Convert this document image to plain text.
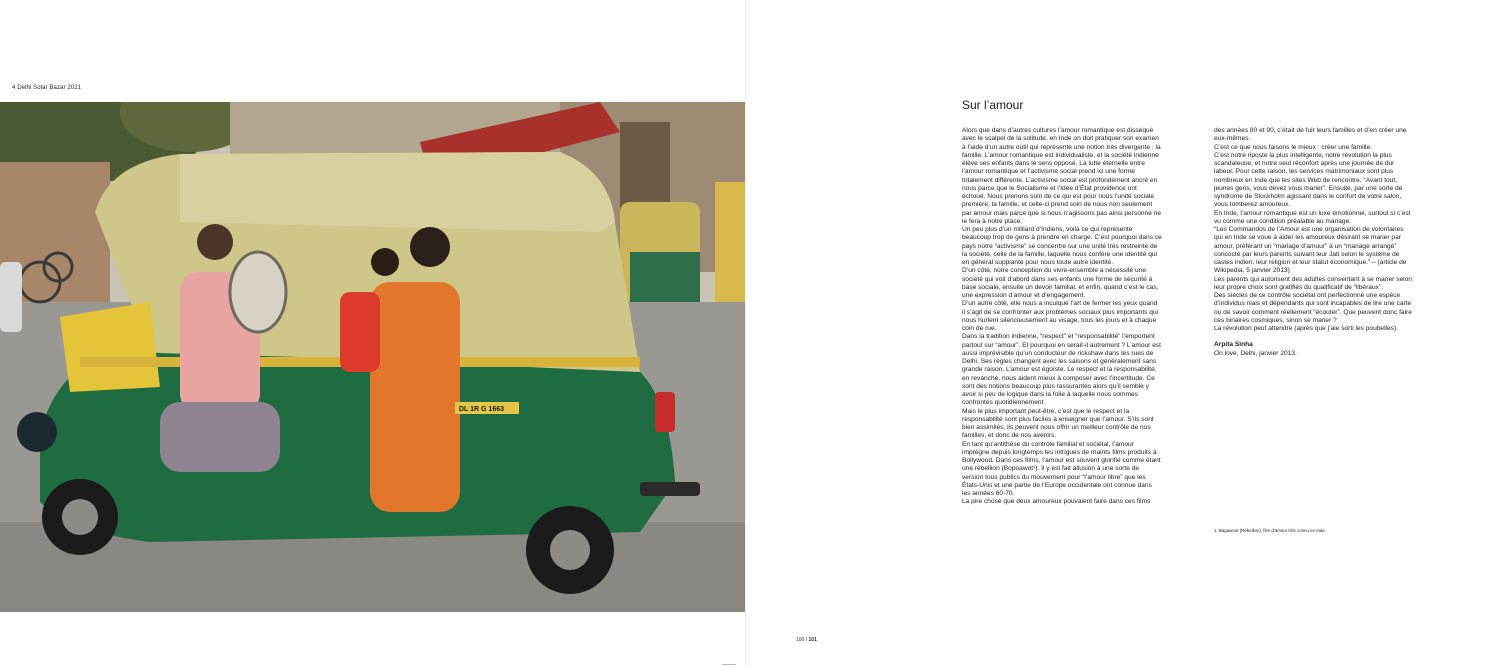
4 Delhi Solar Bazar 2021
DL 1R G 1663
Sur l’amour

Alors que dans d’autres cultures l’amour romantique est disséqué avec le scalpel de la solitude, en Inde on doit pratiquer son examen à l’aide d’un autre outil qui représente une notion très divergente : la famille. L’amour romantique est individualiste, et la société indienne élève ses enfants dans le sens opposé. La lutte éternelle entre l’amour romantique et l’activisme social prend ici une forme totalement différente. L’activisme social est profondément ancré en nous parce que le Socialisme et l’Idée d’État providence ont échoué. Nous prenons soin de ce qui est pour nous l’unité sociale première, la famille, et celle-ci prend soin de nous non seulement par amour mais parce que si nous n’agissons pas ainsi personne ne le fera à notre place.

Un peu plus d’un milliard d’Indiens, voilà ce qui représente beaucoup trop de gens à prendre en charge. C’est pourquoi dans ce pays notre “activisme” se concentre sur une unité très restreinte de la société, celle de la famille, laquelle nous confère une identité qui en général supplante pour nous toute autre identité.

D’un côté, notre conception du vivre-ensemble a nécessité une société qui voit d’abord dans ses enfants une forme de sécurité à base sociale, ensuite un devoir familial, et enfin, quand c’est le cas, une expression d’amour et d’engagement.

D’un autre côté, elle nous a inculqué l’art de fermer les yeux quand il s’agit de se confronter aux problèmes sociaux plus importants qui nous hurlent silencieusement au visage, tous les jours et à chaque coin de rue.

Dans la tradition indienne, “respect” et “responsabilité” l’emportent partout sur “amour”. Et pourquoi en serait-il autrement ? L’amour est aussi imprévisible qu’un conducteur de rickshaw dans les rues de Delhi. Ses règles changent avec les saisons et généralement sans grande raison. L’amour est égoïste. Le respect et la responsabilité, en revanche, nous aident mieux à composer avec l’incertitude. Ce sont des notions beaucoup plus rassurantes alors qu’il semble y avoir si peu de logique dans la folie à laquelle nous sommes confrontés quotidiennement.

Mais le plus important peut-être, c’est que le respect et la responsabilité sont plus faciles à enseigner que l’amour. S’ils sont bien assimilés, ils peuvent nous offrir un meilleur contrôle de nos familles, et donc de nos avenirs.

En tant qu’antithèse du contrôle familial et sociétal, l’amour imprègne depuis longtemps les intrigues de maints films produits à Bollywood. Dans ces films, l’amour est souvent glorifié comme étant une rébellion (Bopoawot¹). Il y est fait allusion à une sorte de version tous publics du mouvement pour “l’amour libre” que les États-Unis et une partie de l’Europe occidentale ont connue dans les années 60-70.

La pire chose que deux amoureux pouvaient faire dans ces films

des années 80 et 90, c’était de fuir leurs familles et d’en créer une eux-mêmes.

C’est ce que nous faisons le mieux : créer une famille.

C’est notre riposte la plus intelligente, notre révolution la plus scandaleuse, et notre seul réconfort après une journée de dur labeur. Pour cette raison, les services matrimoniaux sont plus nombreux en Inde que les sites Web de rencontre. “Avant tout, jeunes gens, vous devez vous marier”. Ensuite, par une sorte de syndrome de Stockholm agissant dans le confort de votre salon, vous tomberez amoureux.

En Inde, l’amour romantique est un luxe émotionnel, surtout si c’est vu comme une condition préalable au mariage.

“Les Commandos de l’Amour est une organisation de volontaires qui en Inde se voue à aider les amoureux désirant se marier par amour, préférant un “mariage d’amour” à un “mariage arrangé” concocté par leurs parents suivant leur Jati selon le système de castes indien, leur religion et leur statut économique.” – (article de Wikipedia, 5 janvier 2013)

Les parents qui autorisent des adultes consentant à se marier selon leur propre choix sont gratifiés du qualificatif de “libéraux”.

Des siècles de ce contrôle sociétal ont perfectionné une espèce d’individus niais et dépendants qui sont incapables de lire une carte ou de savoir comment réellement “écouter”. Que peuvent donc faire ces binaires cosmiques, sinon se marier ?

La révolution peut attendre (après que j’aie sorti les poubelles).

Arpita Sinha
On love, Delhi, janvier 2013.

1. Bagawoot (Rébellion), film d’amour très connu en Inde.
100 / 101
